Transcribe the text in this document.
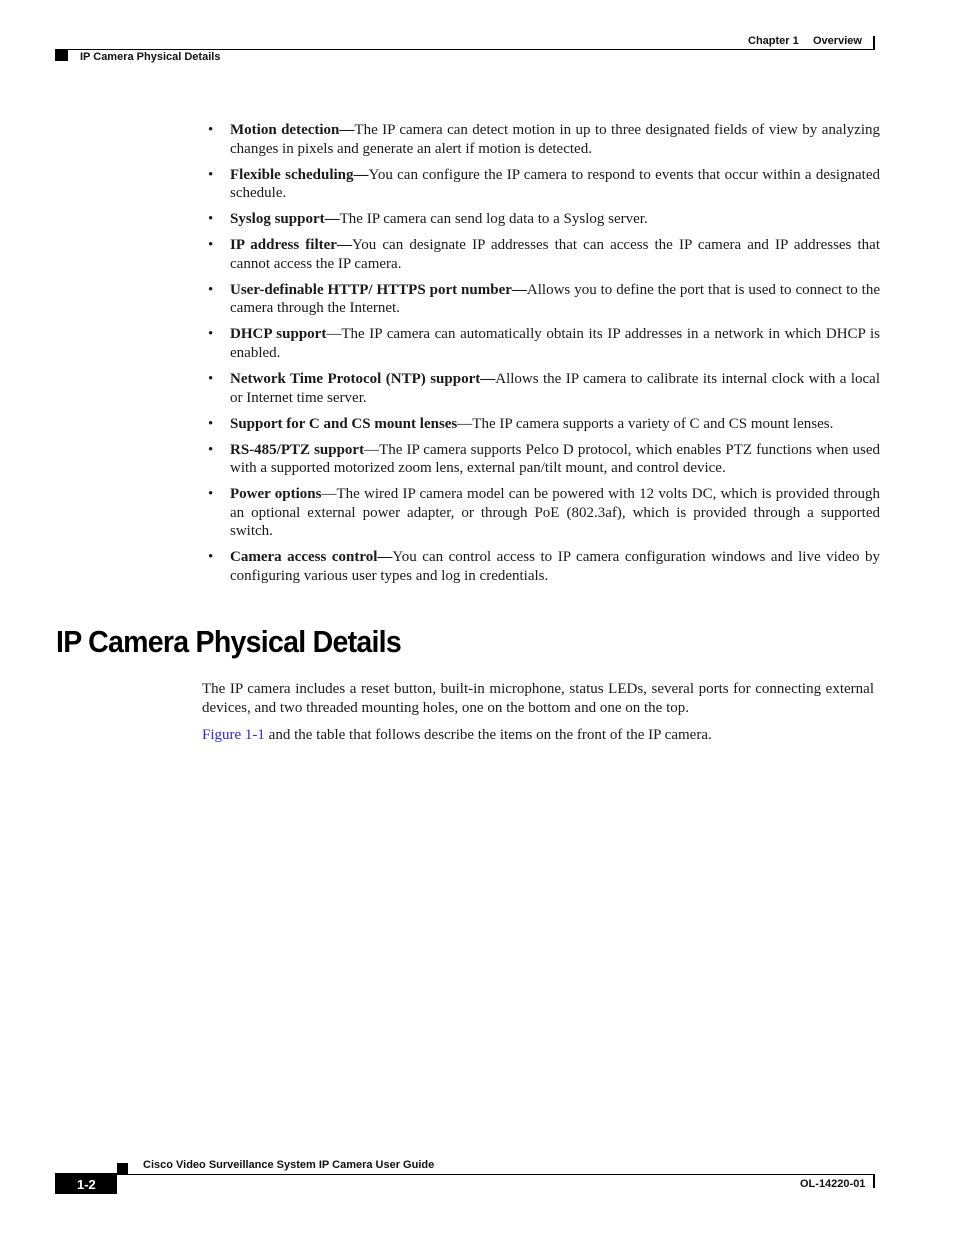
Chapter 1 Overview
IP Camera Physical Details
• Motion detection—The IP camera can detect motion in up to three designated fields of view by analyzing changes in pixels and generate an alert if motion is detected.
• Flexible scheduling—You can configure the IP camera to respond to events that occur within a designated schedule.
• Syslog support—The IP camera can send log data to a Syslog server.
• IP address filter—You can designate IP addresses that can access the IP camera and IP addresses that cannot access the IP camera.
• User-definable HTTP/ HTTPS port number—Allows you to define the port that is used to connect to the camera through the Internet.
• DHCP support—The IP camera can automatically obtain its IP addresses in a network in which DHCP is enabled.
• Network Time Protocol (NTP) support—Allows the IP camera to calibrate its internal clock with a local or Internet time server.
• Support for C and CS mount lenses—The IP camera supports a variety of C and CS mount lenses.
• RS-485/PTZ support—The IP camera supports Pelco D protocol, which enables PTZ functions when used with a supported motorized zoom lens, external pan/tilt mount, and control device.
• Power options—The wired IP camera model can be powered with 12 volts DC, which is provided through an optional external power adapter, or through PoE (802.3af), which is provided through a supported switch.
• Camera access control—You can control access to IP camera configuration windows and live video by configuring various user types and log in credentials.
IP Camera Physical Details

The IP camera includes a reset button, built-in microphone, status LEDs, several ports for connecting external devices, and two threaded mounting holes, one on the bottom and one on the top.

Figure 1-1 and the table that follows describe the items on the front of the IP camera.

Cisco Video Surveillance System IP Camera User Guide
1-2	OL-14220-01
